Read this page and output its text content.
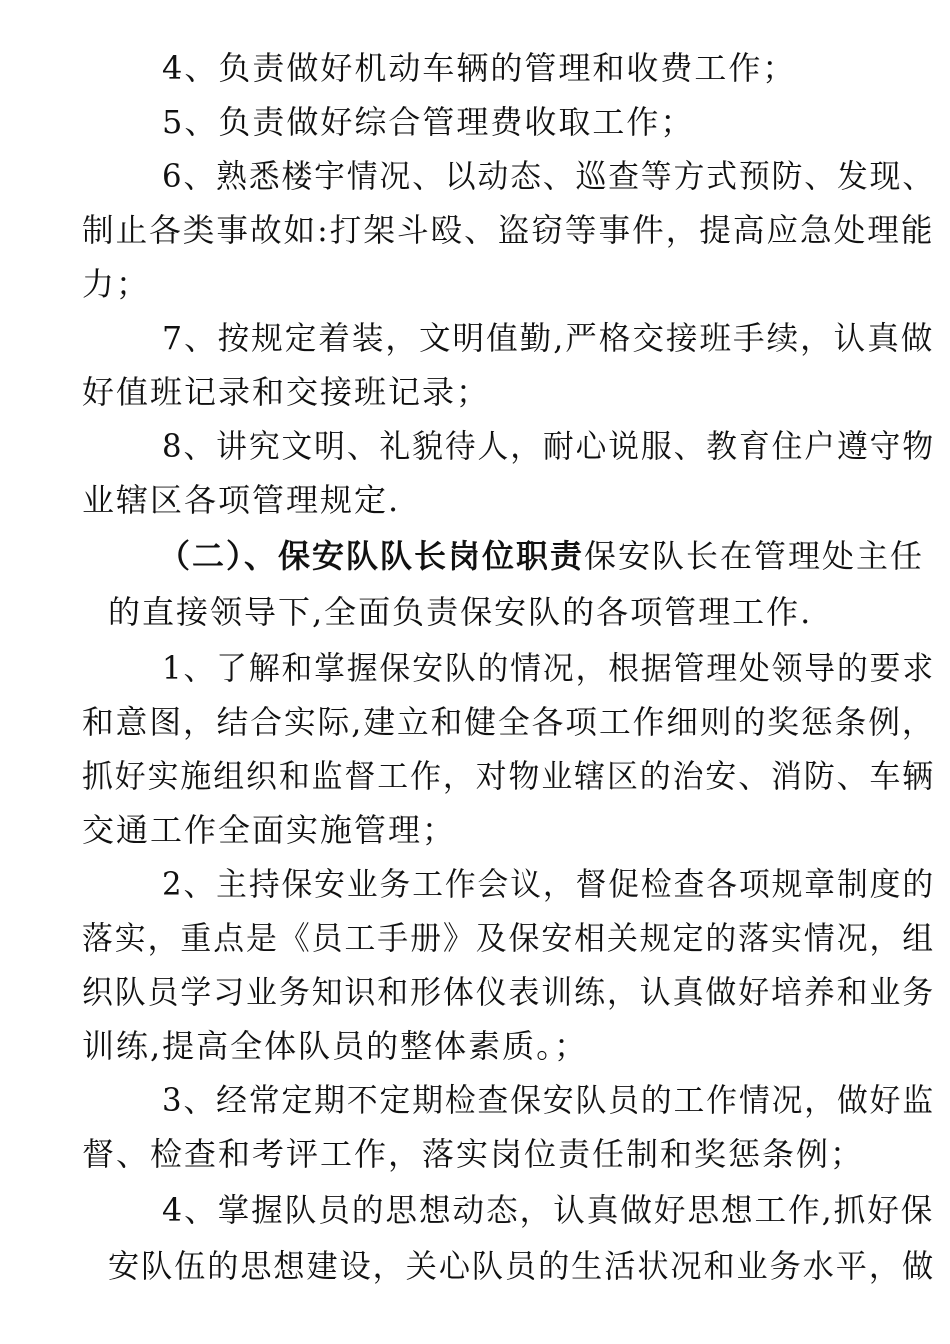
4、负责做好机动车辆的管理和收费工作；
5、负责做好综合管理费收取工作；
6、熟悉楼宇情况、以动态、巡查等方式预防、发现、
制止各类事故如:打架斗殴、盗窃等事件，提高应急处理能
力；
7、按规定着装，文明值勤,严格交接班手续，认真做
好值班记录和交接班记录；
8、讲究文明、礼貌待人，耐心说服、教育住户遵守物
业辖区各项管理规定.
（二）、保安队队长岗位职责保安队长在管理处主任
的直接领导下,全面负责保安队的各项管理工作.
1、了解和掌握保安队的情况，根据管理处领导的要求
和意图，结合实际,建立和健全各项工作细则的奖惩条例，
抓好实施组织和监督工作，对物业辖区的治安、消防、车辆
交通工作全面实施管理；
2、主持保安业务工作会议，督促检查各项规章制度的
落实，重点是《员工手册》及保安相关规定的落实情况，组
织队员学习业务知识和形体仪表训练，认真做好培养和业务
训练,提高全体队员的整体素质。；
3、经常定期不定期检查保安队员的工作情况，做好监
督、检查和考评工作，落实岗位责任制和奖惩条例；
4、掌握队员的思想动态，认真做好思想工作,抓好保
安队伍的思想建设，关心队员的生活状况和业务水平，做
